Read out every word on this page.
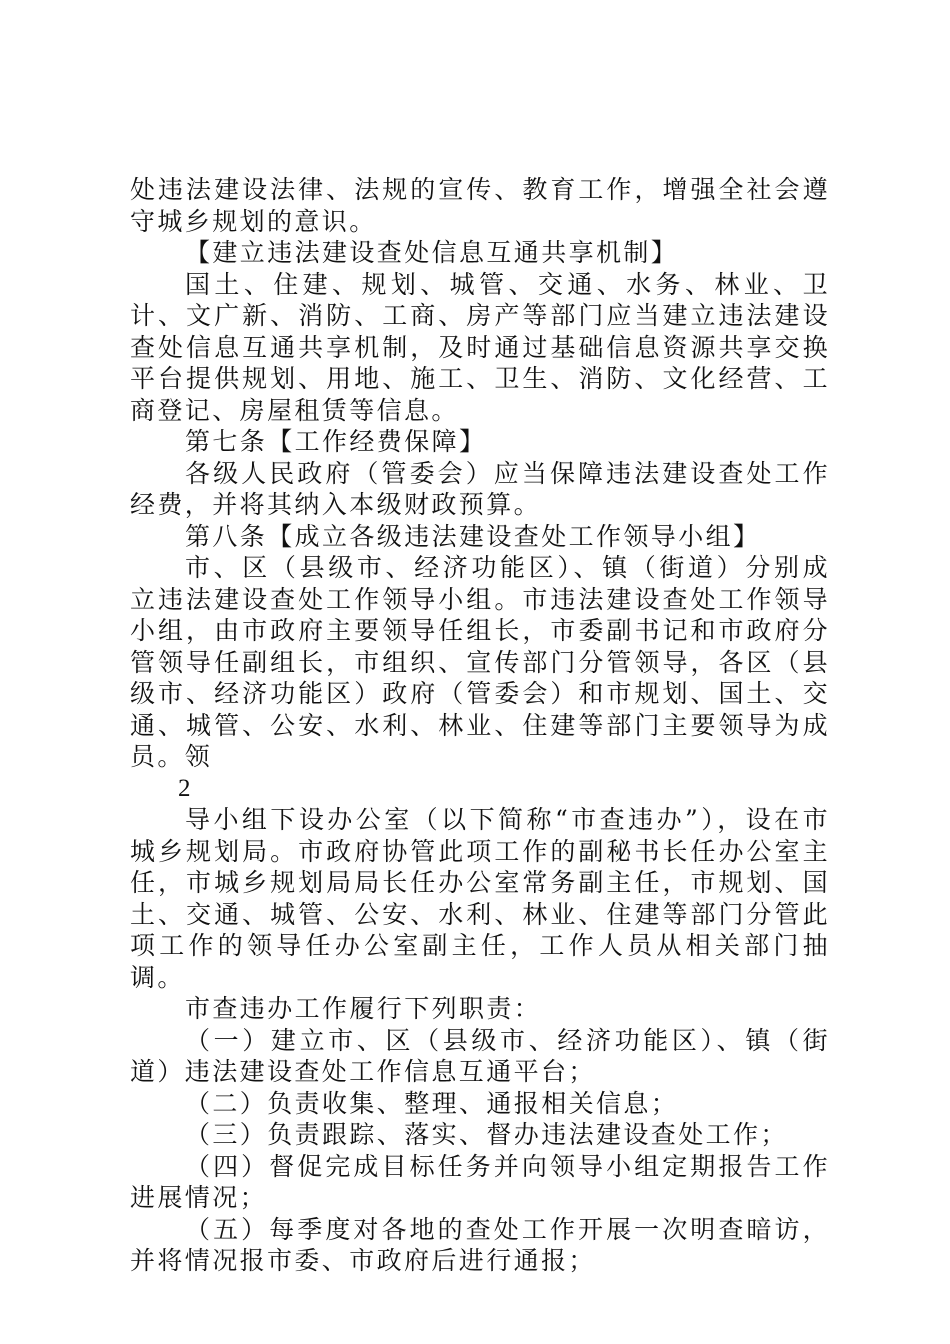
处违法建设法律、法规的宣传、教育工作，增强全社会遵守城乡规划的意识。

【建立违法建设查处信息互通共享机制】

国土、住建、规划、城管、交通、水务、林业、卫计、文广新、消防、工商、房产等部门应当建立违法建设查处信息互通共享机制，及时通过基础信息资源共享交换平台提供规划、用地、施工、卫生、消防、文化经营、工商登记、房屋租赁等信息。

第七条【工作经费保障】

各级人民政府（管委会）应当保障违法建设查处工作经费，并将其纳入本级财政预算。

第八条【成立各级违法建设查处工作领导小组】

市、区（县级市、经济功能区）、镇（街道）分别成立违法建设查处工作领导小组。市违法建设查处工作领导小组，由市政府主要领导任组长，市委副书记和市政府分管领导任副组长，市组织、宣传部门分管领导，各区（县级市、经济功能区）政府（管委会）和市规划、国土、交通、城管、公安、水利、林业、住建等部门主要领导为成员。领

2

导小组下设办公室（以下简称“市查违办”），设在市城乡规划局。市政府协管此项工作的副秘书长任办公室主任，市城乡规划局局长任办公室常务副主任，市规划、国土、交通、城管、公安、水利、林业、住建等部门分管此项工作的领导任办公室副主任，工作人员从相关部门抽调。

市查违办工作履行下列职责：

（一）建立市、区（县级市、经济功能区）、镇（街道）违法建设查处工作信息互通平台；

（二）负责收集、整理、通报相关信息；

（三）负责跟踪、落实、督办违法建设查处工作；

（四）督促完成目标任务并向领导小组定期报告工作进展情况；

（五）每季度对各地的查处工作开展一次明查暗访，并将情况报市委、市政府后进行通报；
